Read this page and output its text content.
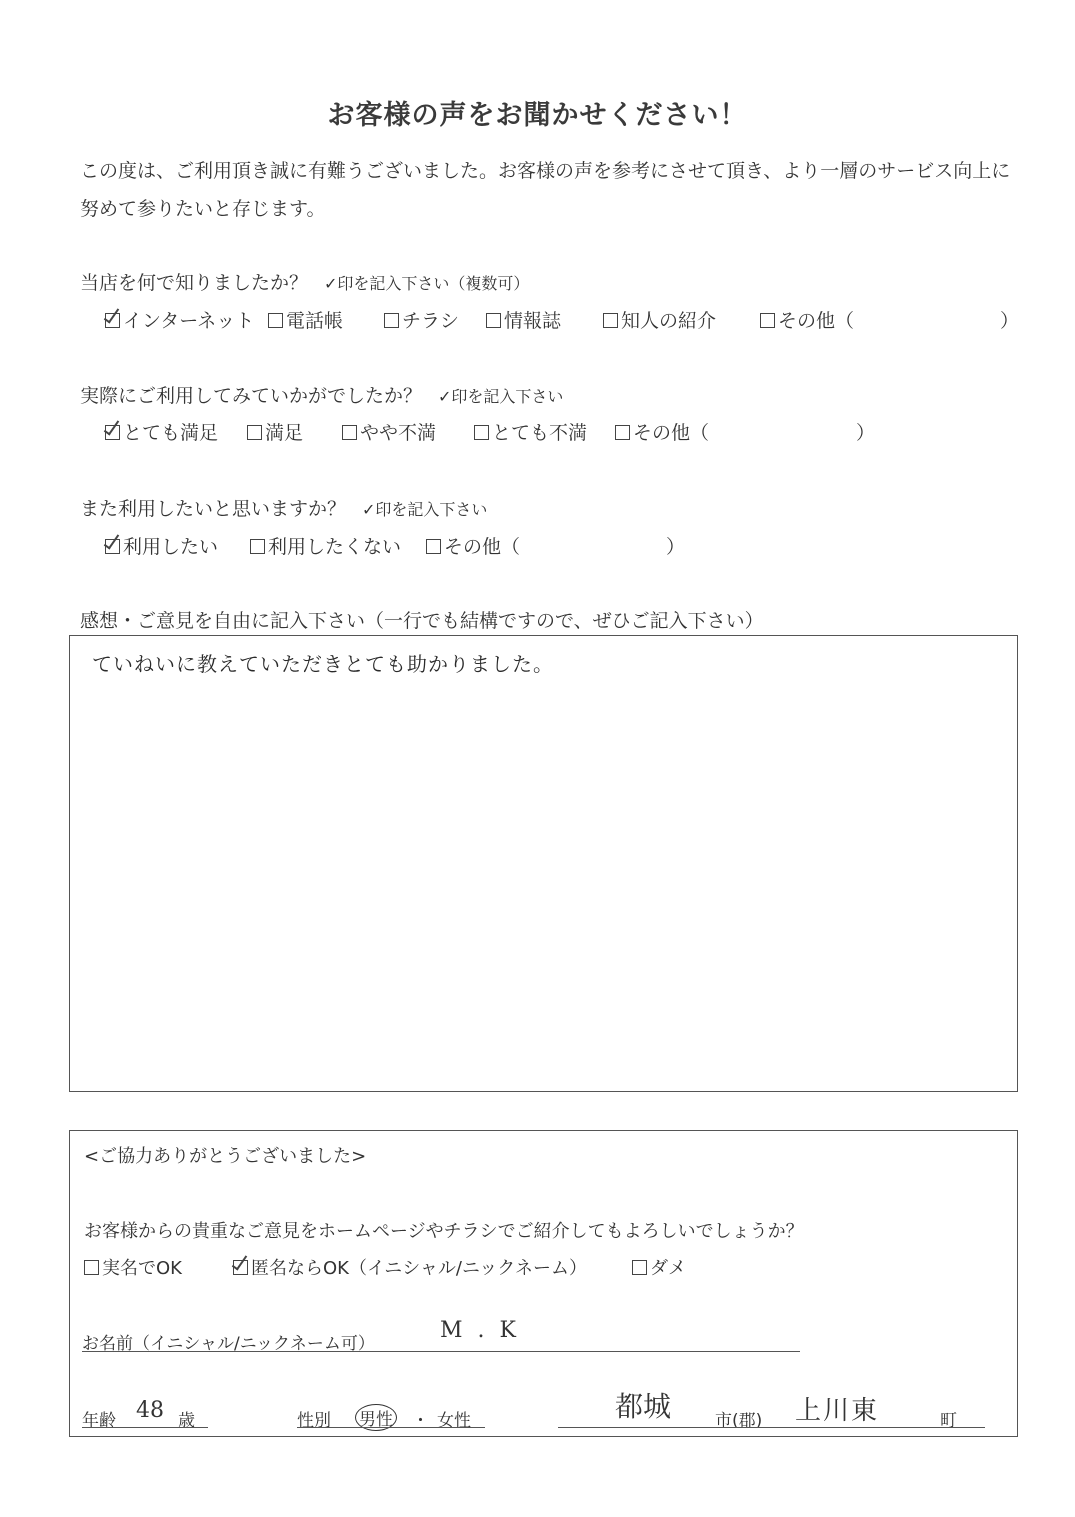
お客様の声をお聞かせください！
この度は、ご利用頂き誠に有難うございました。お客様の声を参考にさせて頂き、より一層のサービス向上に努めて参りたいと存じます。
当店を何で知りましたか？ ✓印を記入下さい（複数可）
インターネット	電話帳	チラシ	情報誌	知人の紹介	その他（	）
実際にご利用してみていかがでしたか？ ✓印を記入下さい
とても満足	満足	やや不満	とても不満	その他（	）
また利用したいと思いますか？ ✓印を記入下さい
利用したい	利用したくない	その他（	）
感想・ご意見を自由に記入下さい（一行でも結構ですので、ぜひご記入下さい）
ていねいに教えていただきとても助かりました。
<ご協力ありがとうございました>
お客様からの貴重なご意見をホームページやチラシでご紹介してもよろしいでしょうか？
実名でOK	匿名ならOK（イニシャル/ニックネーム）	ダメ
お名前（イニシャル/ニックネーム可）
M . K
年齢 48 歳	性別 男性 ・ 女性	都城	市(郡) 上川東	町
